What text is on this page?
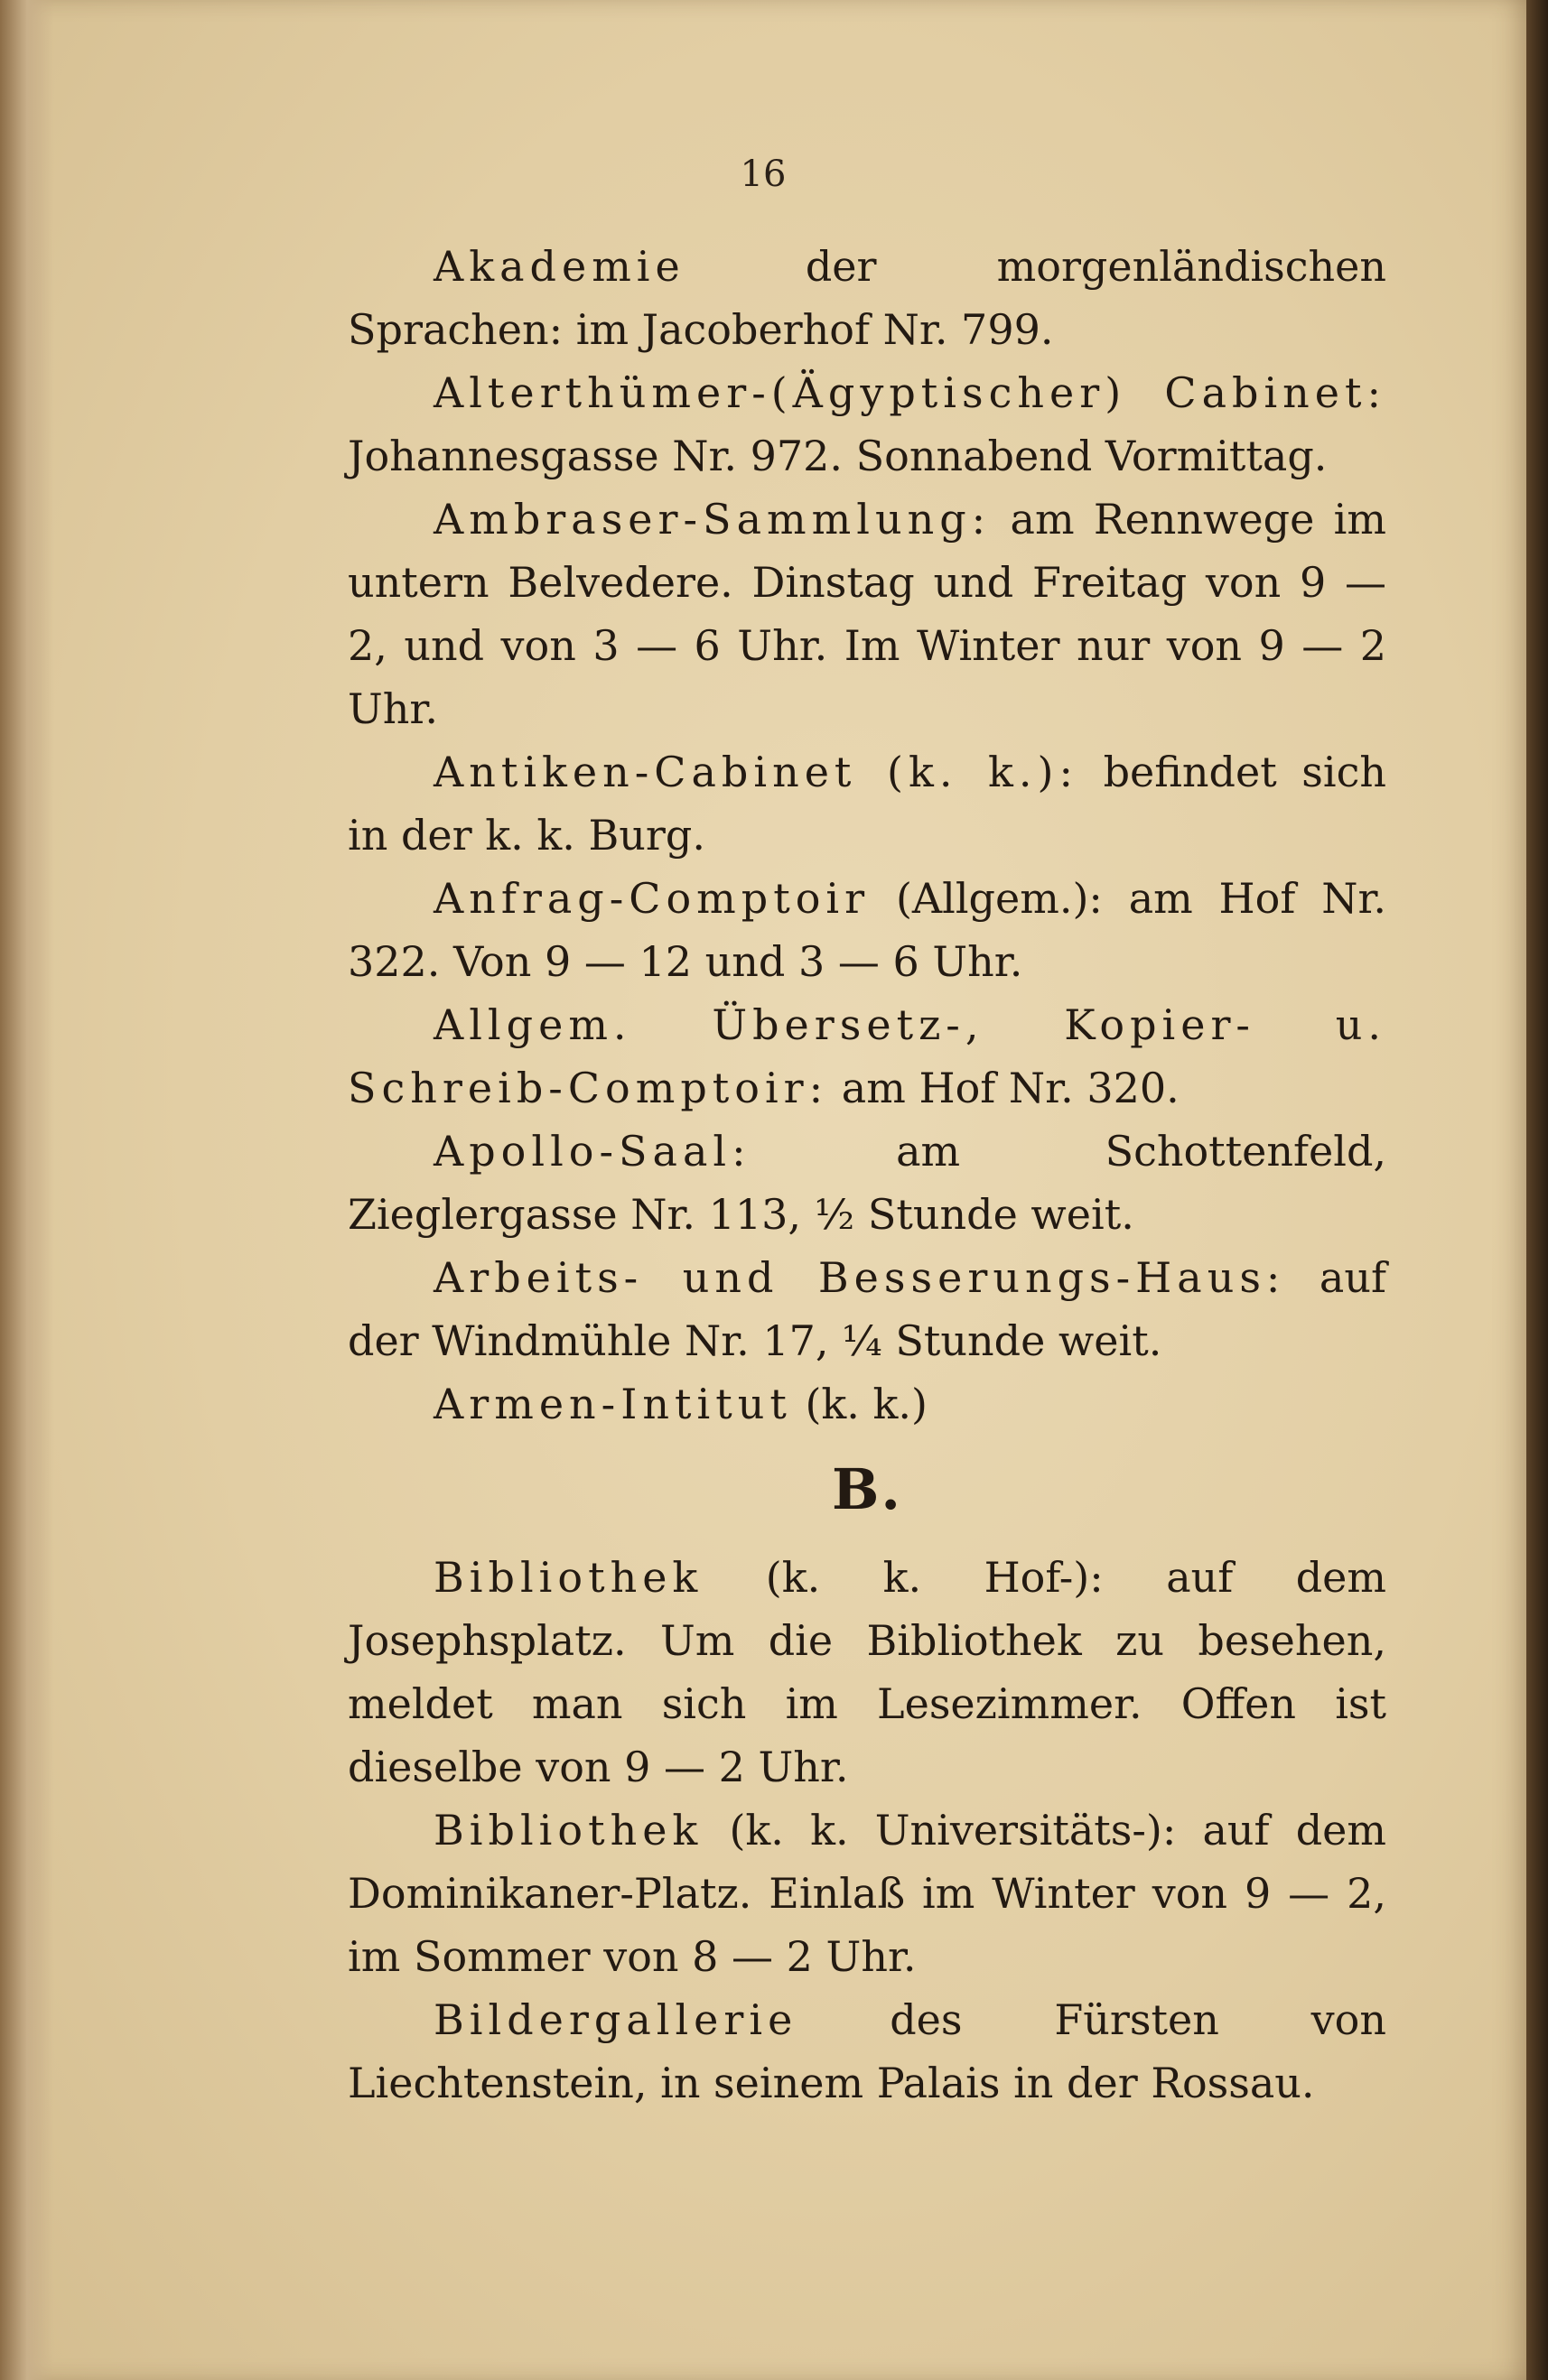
16

Akademie	der morgenländischen Sprachen: im Jacoberhof Nr. 799.

Alterthümer-(Ägyptischer) Cabinet: Johannesgasse Nr. 972. Sonnabend Vormittag.

Ambraser-Sammlung: am Rennwege im untern Belvedere. Dinstag und Freitag von 9 — 2, und von 3 — 6 Uhr. Im Winter nur von 9 — 2 Uhr.

Antiken-Cabinet (k. k.): befindet sich in der k. k. Burg.

Anfrag-Comptoir (Allgem.): am Hof Nr. 322. Von 9 — 12 und 3 — 6 Uhr.

Allgem. Übersetz-, Kopier- u. Schreib-Comptoir: am Hof Nr. 320.

Apollo-Saal:	am Schottenfeld, Zieglergasse Nr. 113, ½ Stunde weit.

Arbeits- und Besserungs-Haus: auf der Windmühle Nr. 17, ¼ Stunde weit.

Armen-Intitut (k. k.)

B.

Bibliothek (k. k. Hof-): auf dem Josephsplatz. Um die Bibliothek zu besehen, meldet man sich im Lesezimmer. Offen ist dieselbe von 9 — 2 Uhr.

Bibliothek (k. k. Universitäts-): auf dem Dominikaner-Platz. Einlaß im Winter von 9 — 2, im Sommer von 8 — 2 Uhr.

Bildergallerie des Fürsten von Liechtenstein, in seinem Palais in der Rossau.
